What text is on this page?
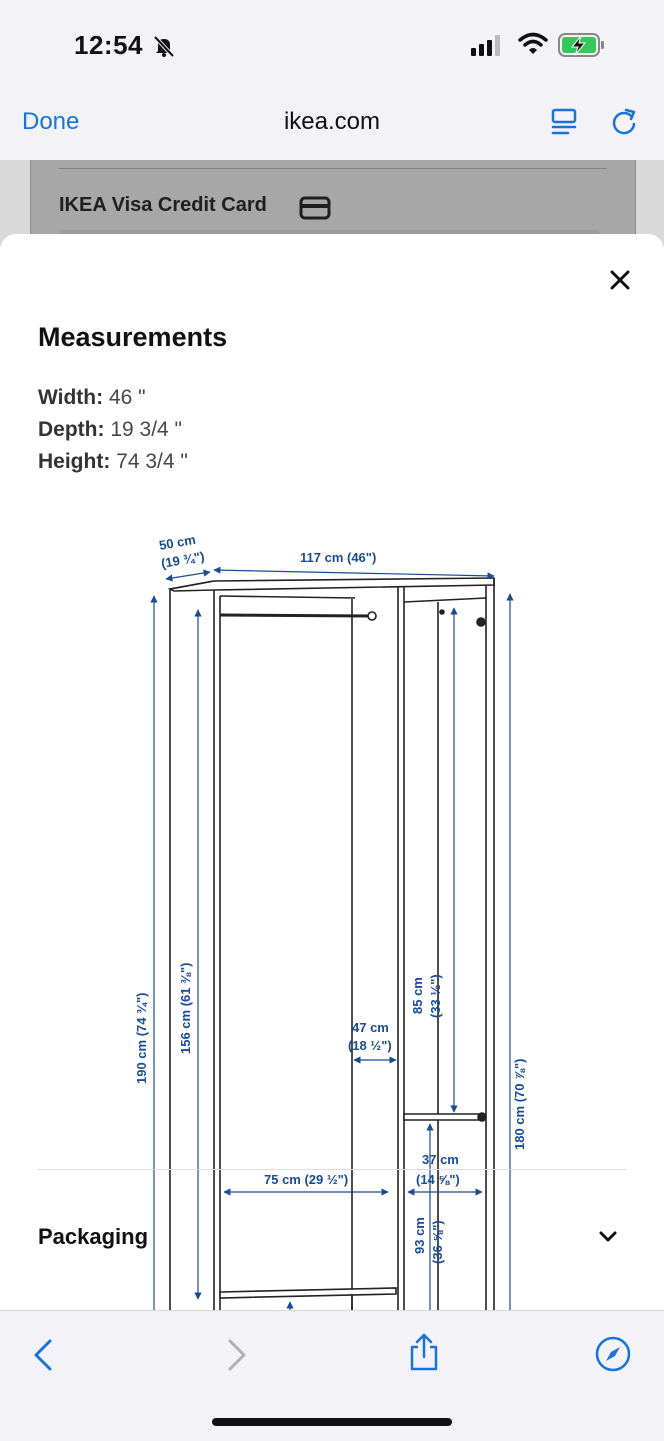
12:54
Done	ikea.com
IKEA Visa Credit Card
Measurements
Width: 46 "
Depth: 19 3/4 "
Height: 74 3/4 "
50 cm
(19 ¾")	117 cm (46")
190 cm (74 ¾") 156 cm (61 ⅜")	47 cm
(18 ½")
85 cm (33 ½")
180 cm (70 ⅞")
75 cm (29 ½")
37 cm
(14 ⅝")
93 cm (36 ⅝")
Packaging
